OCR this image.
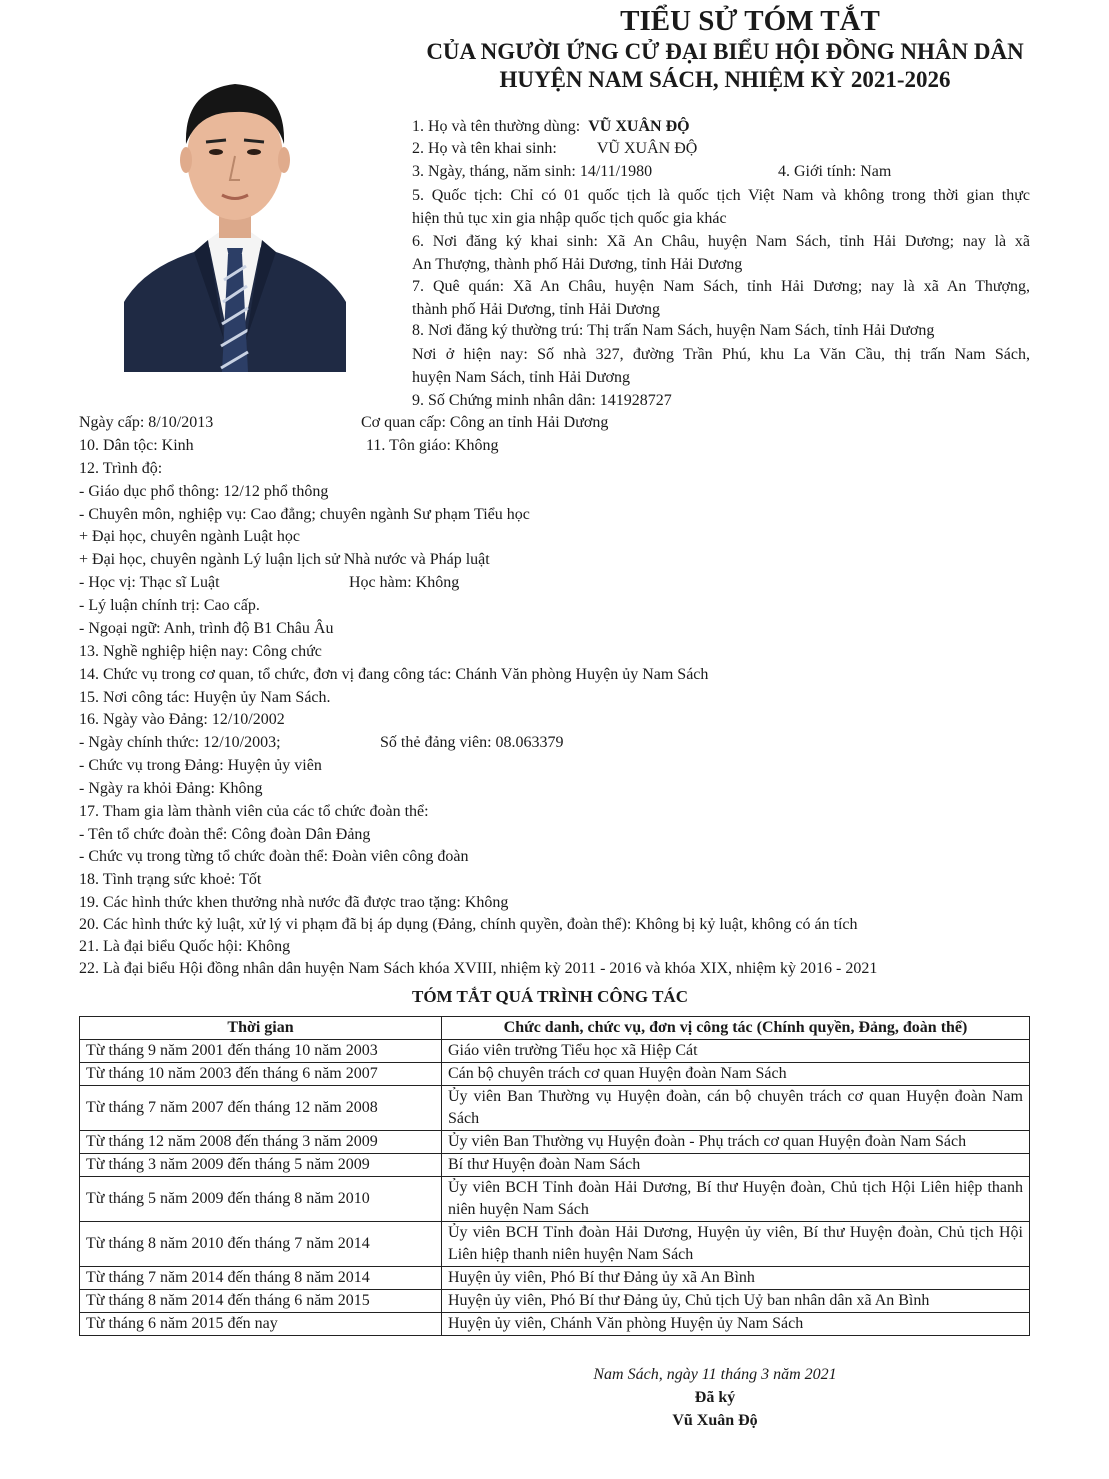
TIỂU SỬ TÓM TẮT
CỦA NGƯỜI ỨNG CỬ ĐẠI BIỂU HỘI ĐỒNG NHÂN DÂN
HUYỆN NAM SÁCH, NHIỆM KỲ 2021-2026
1. Họ và tên thường dùng: VŨ XUÂN ĐỘ
2. Họ và tên khai sinh:	VŨ XUÂN ĐỘ
3. Ngày, tháng, năm sinh: 14/11/1980	4. Giới tính: Nam
5. Quốc tịch: Chỉ có 01 quốc tịch là quốc tịch Việt Nam và không trong thời gian thực
hiện thủ tục xin gia nhập quốc tịch quốc gia khác
6. Nơi đăng ký khai sinh: Xã An Châu, huyện Nam Sách, tỉnh Hải Dương; nay là xã
An Thượng, thành phố Hải Dương, tỉnh Hải Dương
7. Quê quán: Xã An Châu, huyện Nam Sách, tỉnh Hải Dương; nay là xã An Thượng,
thành phố Hải Dương, tỉnh Hải Dương
8. Nơi đăng ký thường trú: Thị trấn Nam Sách, huyện Nam Sách, tỉnh Hải Dương
Nơi ở hiện nay: Số nhà 327, đường Trần Phú, khu La Văn Cầu, thị trấn Nam Sách,
huyện Nam Sách, tỉnh Hải Dương
9. Số Chứng minh nhân dân: 141928727
Ngày cấp: 8/10/2013	Cơ quan cấp: Công an tỉnh Hải Dương
10. Dân tộc: Kinh	11. Tôn giáo: Không
12. Trình độ:
- Giáo dục phổ thông: 12/12 phổ thông
- Chuyên môn, nghiệp vụ: Cao đẳng; chuyên ngành Sư phạm Tiểu học
+ Đại học, chuyên ngành Luật học
+ Đại học, chuyên ngành Lý luận lịch sử Nhà nước và Pháp luật
- Học vị: Thạc sĩ Luật	Học hàm: Không
- Lý luận chính trị: Cao cấp.
- Ngoại ngữ: Anh, trình độ B1 Châu Âu
13. Nghề nghiệp hiện nay: Công chức
14. Chức vụ trong cơ quan, tổ chức, đơn vị đang công tác: Chánh Văn phòng Huyện ủy Nam Sách
15. Nơi công tác: Huyện ủy Nam Sách.
16. Ngày vào Đảng: 12/10/2002
- Ngày chính thức: 12/10/2003;	Số thẻ đảng viên: 08.063379
- Chức vụ trong Đảng: Huyện ủy viên
- Ngày ra khỏi Đảng: Không
17. Tham gia làm thành viên của các tổ chức đoàn thể:
- Tên tổ chức đoàn thể: Công đoàn Dân Đảng
- Chức vụ trong từng tổ chức đoàn thể: Đoàn viên công đoàn
18. Tình trạng sức khoẻ: Tốt
19. Các hình thức khen thưởng nhà nước đã được trao tặng: Không
20. Các hình thức kỷ luật, xử lý vi phạm đã bị áp dụng (Đảng, chính quyền, đoàn thể): Không bị kỷ luật, không có án tích
21. Là đại biểu Quốc hội: Không
22. Là đại biểu Hội đồng nhân dân huyện Nam Sách khóa XVIII, nhiệm kỳ 2011 - 2016 và khóa XIX, nhiệm kỳ 2016 - 2021
TÓM TẮT QUÁ TRÌNH CÔNG TÁC
Thời gian	Chức danh, chức vụ, đơn vị công tác (Chính quyền, Đảng, đoàn thể)
Từ tháng 9 năm 2001 đến tháng 10 năm 2003	Giáo viên trường Tiểu học xã Hiệp Cát
Từ tháng 10 năm 2003 đến tháng 6 năm 2007	Cán bộ chuyên trách cơ quan Huyện đoàn Nam Sách
Từ tháng 7 năm 2007 đến tháng 12 năm 2008	Ủy viên Ban Thường vụ Huyện đoàn, cán bộ chuyên trách cơ quan Huyện đoàn Nam Sách
Từ tháng 12 năm 2008 đến tháng 3 năm 2009	Ủy viên Ban Thường vụ Huyện đoàn - Phụ trách cơ quan Huyện đoàn Nam Sách
Từ tháng 3 năm 2009 đến tháng 5 năm 2009	Bí thư Huyện đoàn Nam Sách
Từ tháng 5 năm 2009 đến tháng 8 năm 2010	Ủy viên BCH Tỉnh đoàn Hải Dương, Bí thư Huyện đoàn, Chủ tịch Hội Liên hiệp thanh niên huyện Nam Sách
Từ tháng 8 năm 2010 đến tháng 7 năm 2014	Ủy viên BCH Tỉnh đoàn Hải Dương, Huyện ủy viên, Bí thư Huyện đoàn, Chủ tịch Hội Liên hiệp thanh niên huyện Nam Sách
Từ tháng 7 năm 2014 đến tháng 8 năm 2014	Huyện ủy viên, Phó Bí thư Đảng ủy xã An Bình
Từ tháng 8 năm 2014 đến tháng 6 năm 2015	Huyện ủy viên, Phó Bí thư Đảng ủy, Chủ tịch Uỷ ban nhân dân xã An Bình
Từ tháng 6 năm 2015 đến nay	Huyện ủy viên, Chánh Văn phòng Huyện ủy Nam Sách
Nam Sách, ngày 11 tháng 3 năm 2021
Đã ký
Vũ Xuân Độ
